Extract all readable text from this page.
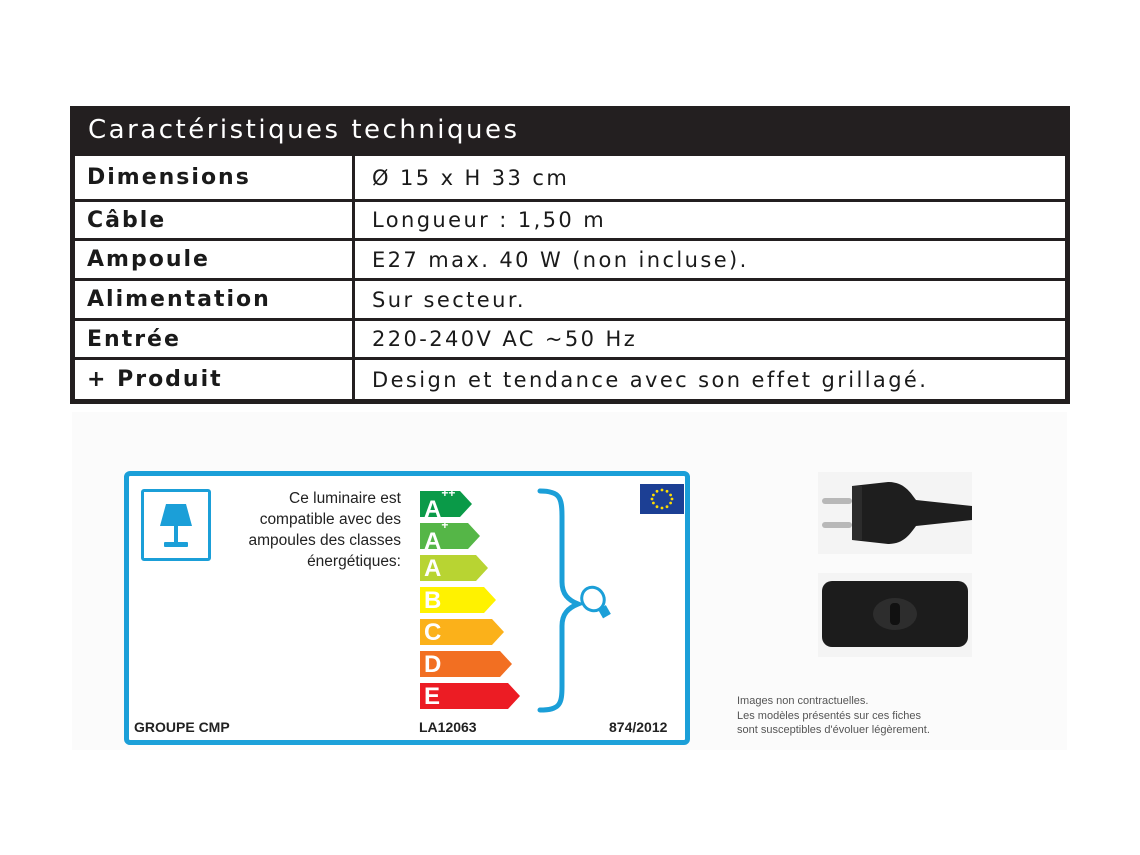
Caractéristiques techniques
Dimensions	Ø 15 x H 33 cm
Câble	Longueur : 1,50 m
Ampoule	E27 max. 40 W (non incluse).
Alimentation	Sur secteur.
Entrée	220-240V AC ~50 Hz
+ Produit	Design et tendance avec son effet grillagé.
Ce luminaire est
compatible avec des
ampoules des classes
énergétiques:
A++
A+
A
B
C
D
E
GROUPE CMP	LA12063	874/2012
Images non contractuelles.
Les modèles présentés sur ces fiches
sont susceptibles d'évoluer légèrement.
